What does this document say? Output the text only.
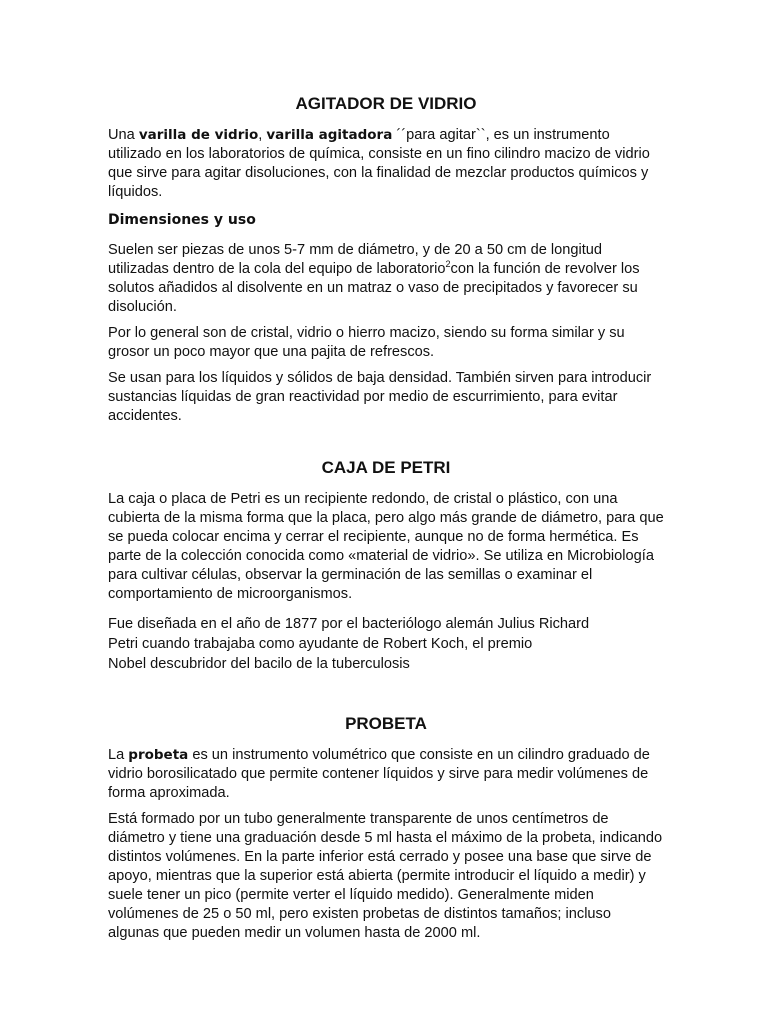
AGITADOR DE VIDRIO

Una varilla de vidrio, varilla agitadora ´´para agitar``, es un instrumento utilizado en los laboratorios de química, consiste en un fino cilindro macizo de vidrio que sirve para agitar disoluciones, con la finalidad de mezclar productos químicos y líquidos.

Dimensiones y uso

Suelen ser piezas de unos 5-7 mm de diámetro, y de 20 a 50 cm de longitud utilizadas dentro de la cola del equipo de laboratorio$^2$con la función de revolver los solutos añadidos al disolvente en un matraz o vaso de precipitados y favorecer su disolución.

Por lo general son de cristal, vidrio o hierro macizo, siendo su forma similar y su grosor un poco mayor que una pajita de refrescos.

Se usan para los líquidos y sólidos de baja densidad. También sirven para introducir sustancias líquidas de gran reactividad por medio de escurrimiento, para evitar accidentes.

CAJA DE PETRI

La caja o placa de Petri es un recipiente redondo, de cristal o plástico, con una cubierta de la misma forma que la placa, pero algo más grande de diámetro, para que se pueda colocar encima y cerrar el recipiente, aunque no de forma hermética. Es parte de la colección conocida como «material de vidrio». Se utiliza en Microbiología para cultivar células, observar la germinación de las semillas o examinar el comportamiento de microorganismos.

Fue diseñada en el año de 1877 por el bacteriólogo alemán Julius Richard
Petri cuando trabajaba como ayudante de Robert Koch, el premio
Nobel descubridor del bacilo de la tuberculosis

PROBETA

La probeta es un instrumento volumétrico que consiste en un cilindro graduado de vidrio borosilicatado que permite contener líquidos y sirve para medir volúmenes de forma aproximada.

Está formado por un tubo generalmente transparente de unos centímetros de diámetro y tiene una graduación desde 5 ml hasta el máximo de la probeta, indicando distintos volúmenes. En la parte inferior está cerrado y posee una base que sirve de apoyo, mientras que la superior está abierta (permite introducir el líquido a medir) y suele tener un pico (permite verter el líquido medido). Generalmente miden volúmenes de 25 o 50 ml, pero existen probetas de distintos tamaños; incluso algunas que pueden medir un volumen hasta de 2000 ml.
